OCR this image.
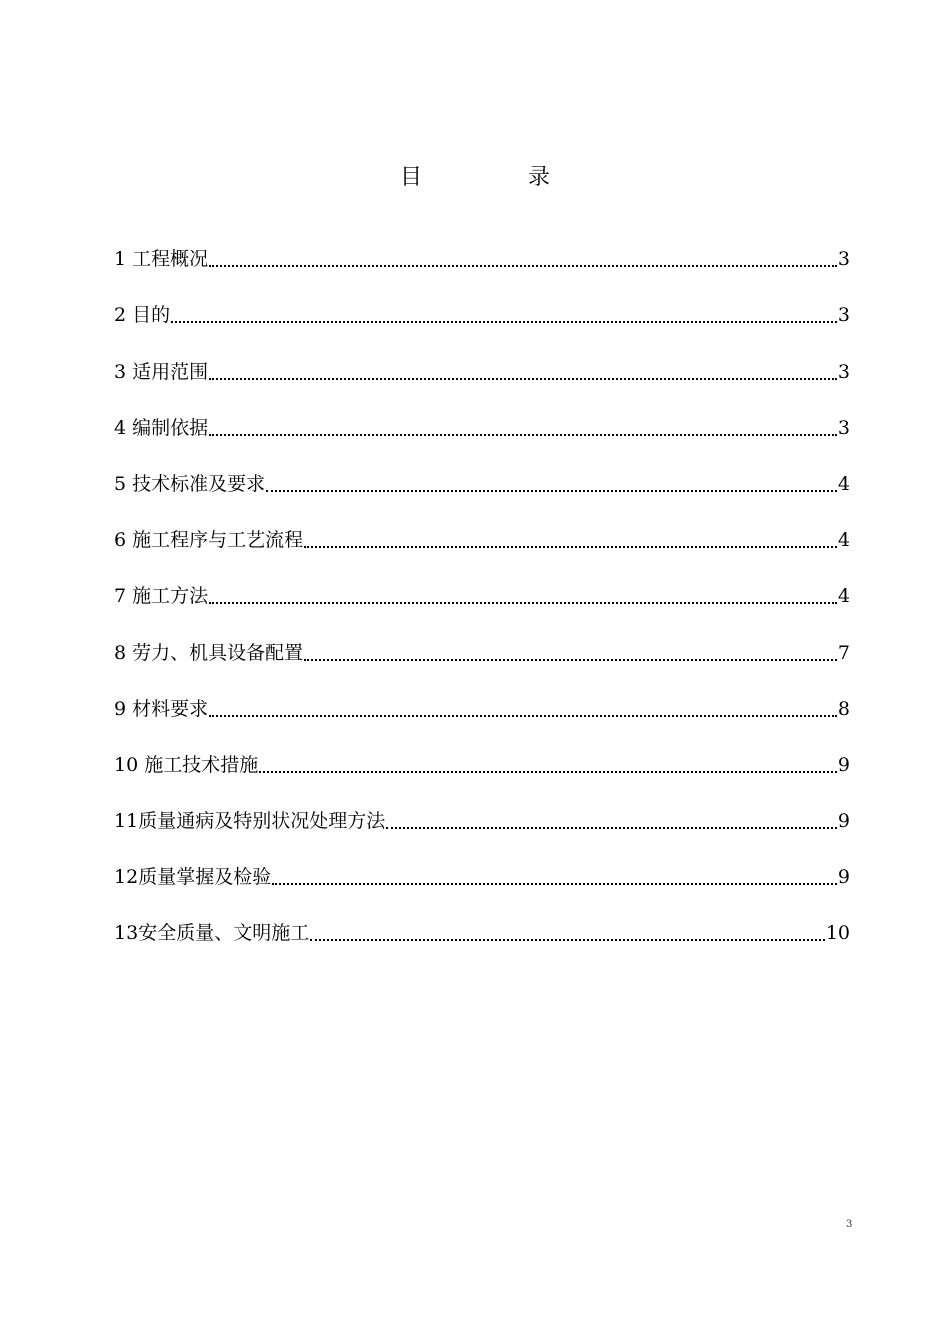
目　录
1 工程概况	3
2 目的	3
3 适用范围	3
4 编制依据	3
5 技术标准及要求	4
6 施工程序与工艺流程	4
7 施工方法	4
8 劳力、机具设备配置	7
9 材料要求	8
10 施工技术措施	9
11 质量通病及特别状况处理方法	9
12 质量掌握及检验	9
13 安全质量、文明施工	10
3
